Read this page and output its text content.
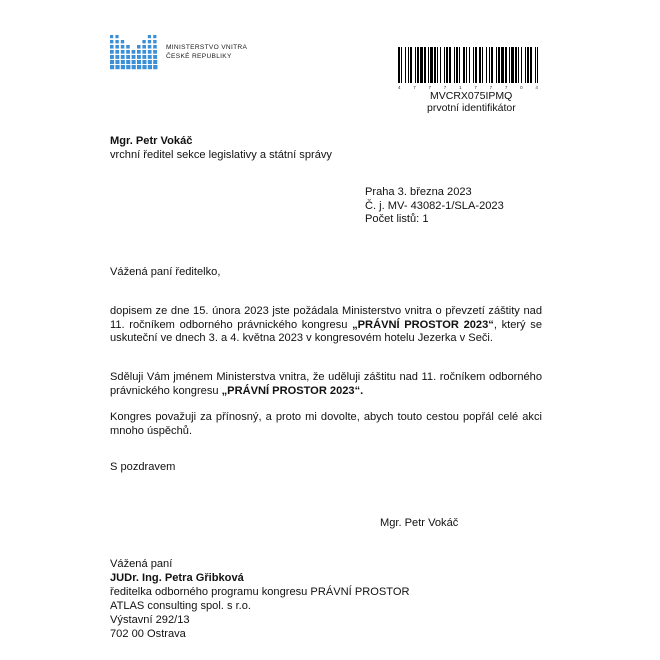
MINISTERSTVO VNITRA
ČESKÉ REPUBLIKY
4	7	7	7	1	7	7	7	0	4
MVCRX075IPMQ
prvotní identifikátor
Mgr. Petr Vokáč
vrchní ředitel sekce legislativy a státní správy
Praha 3. března 2023
Č. j. MV- 43082-1/SLA-2023
Počet listů: 1
Vážená paní ředitelko,
dopisem ze dne 15. února 2023 jste požádala Ministerstvo vnitra o převzetí záštity nad 11. ročníkem odborného právnického kongresu „PRÁVNÍ PROSTOR 2023“, který se uskuteční ve dnech 3. a 4. května 2023 v kongresovém hotelu Jezerka v Seči.
Sděluji Vám jménem Ministerstva vnitra, že uděluji záštitu nad 11. ročníkem odborného právnického kongresu „PRÁVNÍ PROSTOR 2023“.
Kongres považuji za přínosný, a proto mi dovolte, abych touto cestou popřál celé akci mnoho úspěchů.
S pozdravem
Mgr. Petr Vokáč
Vážená paní
JUDr. Ing. Petra Gřibková
ředitelka odborného programu kongresu PRÁVNÍ PROSTOR
ATLAS consulting spol. s r.o.
Výstavní 292/13
702 00 Ostrava
